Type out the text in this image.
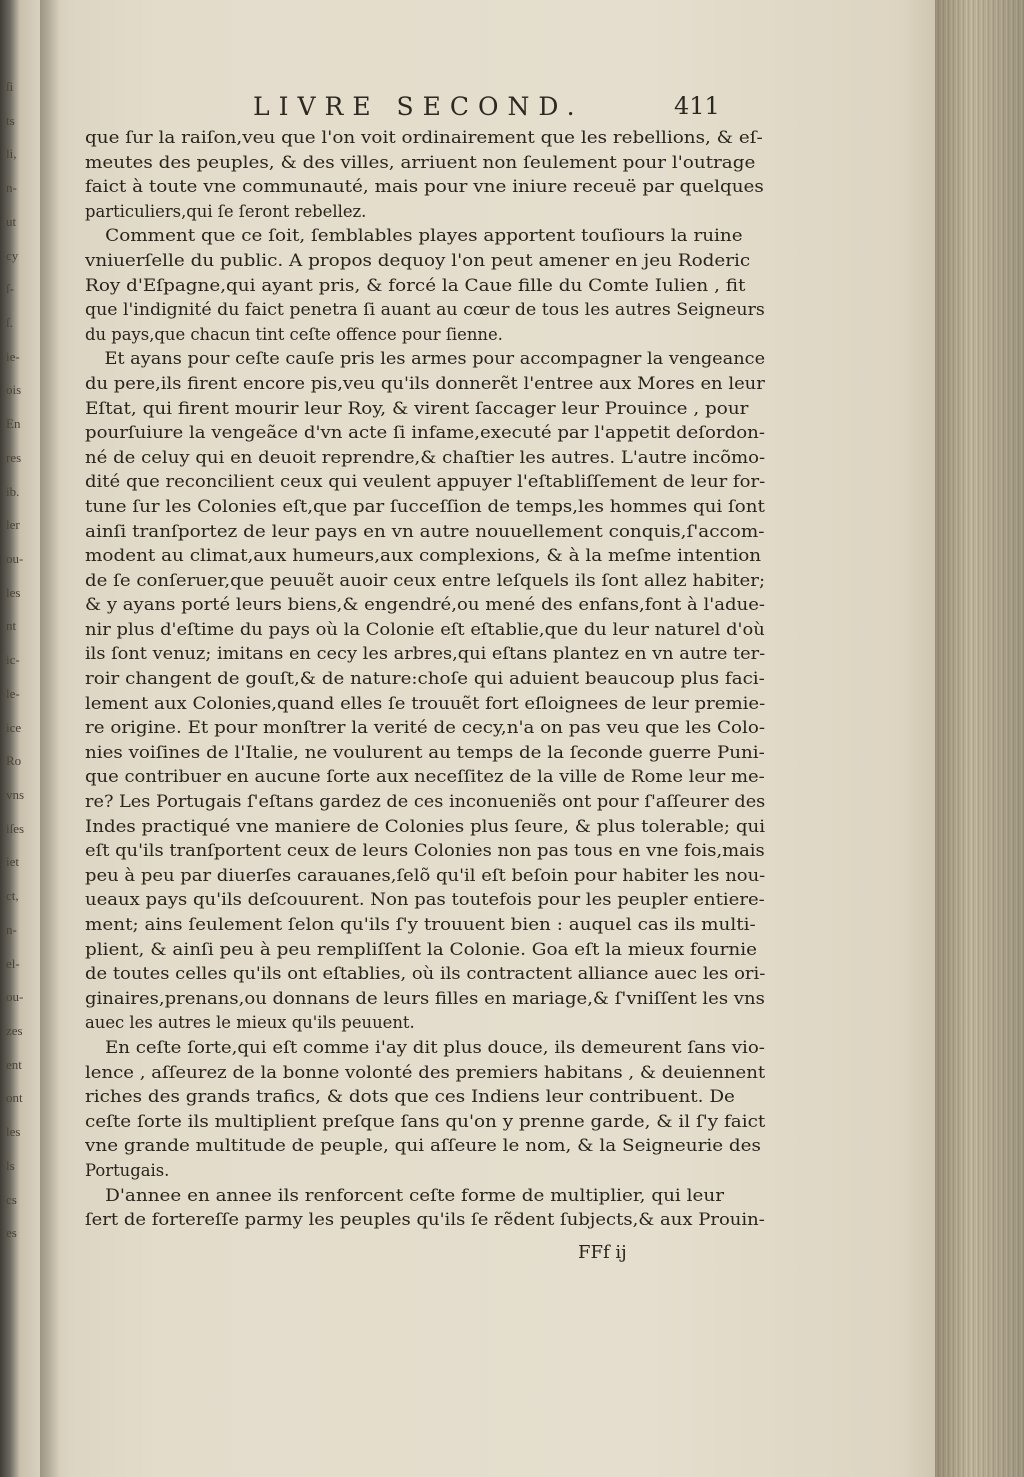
ſi
ts
li,
n-
ut
cy
ſ-
ſ.
ie-
ois
En
res
ib.
ler
ou-
les
nt
ic-
le-
ice
Ro
vns
iſes
iet
ct,
n-
el-
ou-
zes
ent
ont
les
ls
cs
es
LIVRE SECOND.	411
que ſur la raiſon,veu que l'on voit ordinairement que les rebellions, & eſ-
meutes des peuples, & des villes, arriuent non ſeulement pour l'outrage
faict à toute vne communauté, mais pour vne iniure receuë par quelques
particuliers,qui ſe ſeront rebellez.
Comment que ce ſoit, ſemblables playes apportent touſiours la ruine
vniuerſelle du public. A propos dequoy l'on peut amener en jeu Roderic
Roy d'Eſpagne,qui ayant pris, & forcé la Caue fille du Comte Iulien , fit
que l'indignité du faict penetra ſi auant au cœur de tous les autres Seigneurs
du pays,que chacun tint ceſte offence pour ſienne.
Et ayans pour ceſte cauſe pris les armes pour accompagner la vengeance
du pere,ils firent encore pis,veu qu'ils donnerẽt l'entree aux Mores en leur
Eſtat, qui firent mourir leur Roy, & virent ſaccager leur Prouince , pour
pourſuiure la vengeãce d'vn acte ſi infame,executé par l'appetit deſordon-
né de celuy qui en deuoit reprendre,& chaſtier les autres. L'autre incõmo-
dité que reconcilient ceux qui veulent appuyer l'eſtabliſſement de leur for-
tune ſur les Colonies eſt,que par ſucceſſion de temps,les hommes qui ſont
ainſi tranſportez de leur pays en vn autre nouuellement conquis,ſ'accom-
modent au climat,aux humeurs,aux complexions, & à la meſme intention
de ſe conſeruer,que peuuẽt auoir ceux entre leſquels ils ſont allez habiter;
& y ayans porté leurs biens,& engendré,ou mené des enfans,font à l'adue-
nir plus d'eſtime du pays où la Colonie eſt eſtablie,que du leur naturel d'où
ils ſont venuz; imitans en cecy les arbres,qui eſtans plantez en vn autre ter-
roir changent de gouſt,& de nature:choſe qui aduient beaucoup plus faci-
lement aux Colonies,quand elles ſe trouuẽt fort eſloignees de leur premie-
re origine. Et pour monſtrer la verité de cecy,n'a on pas veu que les Colo-
nies voiſines de l'Italie, ne voulurent au temps de la ſeconde guerre Puni-
que contribuer en aucune ſorte aux neceſſitez de la ville de Rome leur me-
re? Les Portugais ſ'eſtans gardez de ces inconueniẽs ont pour ſ'aſſeurer des
Indes practiqué vne maniere de Colonies plus ſeure, & plus tolerable; qui
eſt qu'ils tranſportent ceux de leurs Colonies non pas tous en vne fois,mais
peu à peu par diuerſes carauanes,ſelõ qu'il eſt beſoin pour habiter les nou-
ueaux pays qu'ils deſcouurent. Non pas toutefois pour les peupler entiere-
ment; ains ſeulement ſelon qu'ils ſ'y trouuent bien : auquel cas ils multi-
plient, & ainſi peu à peu rempliſſent la Colonie. Goa eſt la mieux fournie
de toutes celles qu'ils ont eſtablies, où ils contractent alliance auec les ori-
ginaires,prenans,ou donnans de leurs filles en mariage,& ſ'vniſſent les vns
auec les autres le mieux qu'ils peuuent.
En ceſte ſorte,qui eſt comme i'ay dit plus douce, ils demeurent ſans vio-
lence , aſſeurez de la bonne volonté des premiers habitans , & deuiennent
riches des grands trafics, & dots que ces Indiens leur contribuent. De
ceſte ſorte ils multiplient preſque ſans qu'on y prenne garde, & il ſ'y faict
vne grande multitude de peuple, qui aſſeure le nom, & la Seigneurie des
Portugais.
D'annee en annee ils renforcent ceſte forme de multiplier, qui leur
ſert de fortereſſe parmy les peuples qu'ils ſe rẽdent ſubjects,& aux Prouin-
FFf ij
